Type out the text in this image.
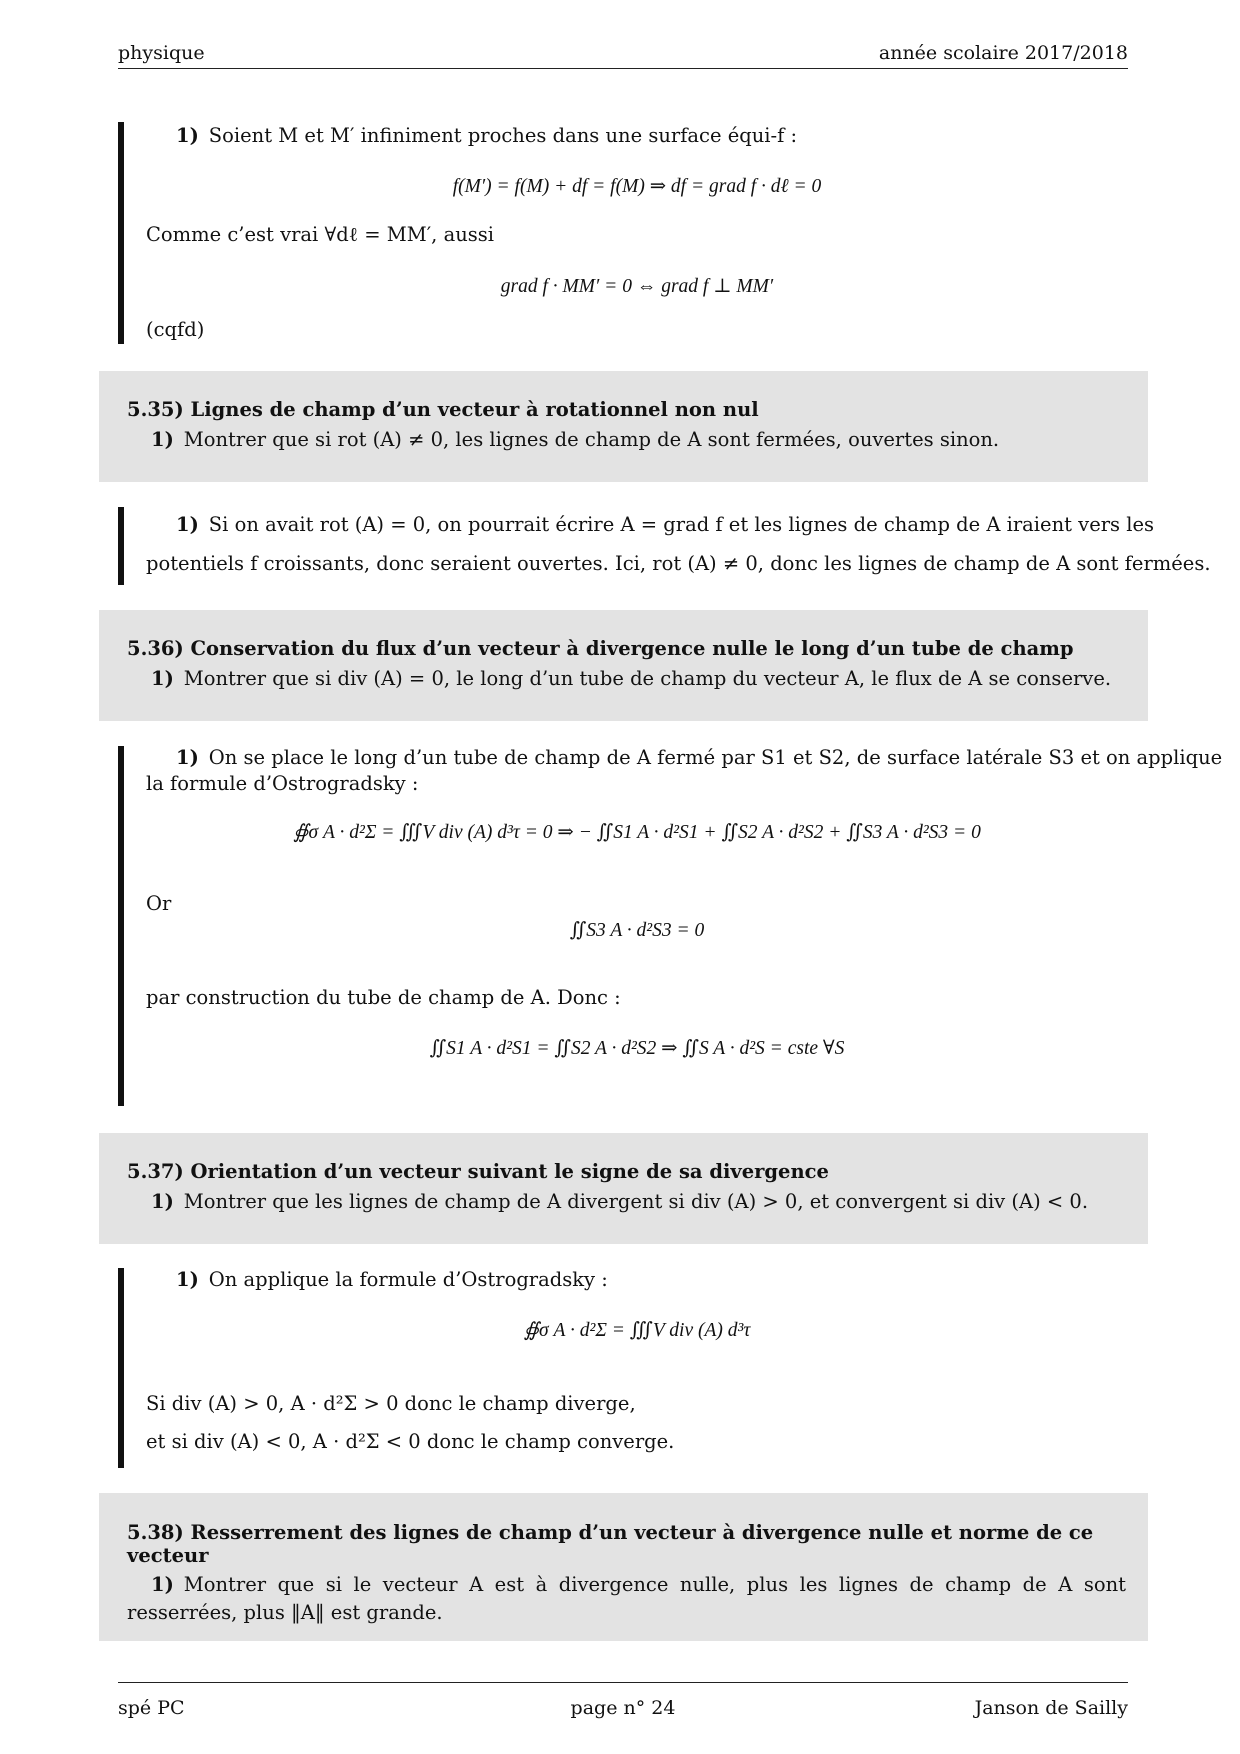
physique	année scolaire 2017/2018
1) Soient M et M′ infiniment proches dans une surface équi-f :
f(M′) = f(M) + df = f(M) ⇒ df = grad f · dℓ = 0
Comme c’est vrai ∀dℓ = MM′, aussi
grad f · MM′ = 0 ⇔ grad f ⊥ MM′
(cqfd)
5.35) Lignes de champ d’un vecteur à rotationnel non nul
1) Montrer que si rot (A) ≠ 0, les lignes de champ de A sont fermées, ouvertes sinon.
1) Si on avait rot (A) = 0, on pourrait écrire A = grad f et les lignes de champ de A iraient vers les
potentiels f croissants, donc seraient ouvertes. Ici, rot (A) ≠ 0, donc les lignes de champ de A sont fermées.
5.36) Conservation du flux d’un vecteur à divergence nulle le long d’un tube de champ
1) Montrer que si div (A) = 0, le long d’un tube de champ du vecteur A, le flux de A se conserve.
1) On se place le long d’un tube de champ de A fermé par S1 et S2, de surface latérale S3 et on applique
la formule d’Ostrogradsky :
∯σ A · d²Σ = ∭V div (A) d³τ = 0 ⇒ − ∬S1 A · d²S1 + ∬S2 A · d²S2 + ∬S3 A · d²S3 = 0
Or
∬S3 A · d²S3 = 0
par construction du tube de champ de A. Donc :
∬S1 A · d²S1 = ∬S2 A · d²S2 ⇒ ∬S A · d²S = cste ∀S
5.37) Orientation d’un vecteur suivant le signe de sa divergence
1) Montrer que les lignes de champ de A divergent si div (A) > 0, et convergent si div (A) < 0.
1) On applique la formule d’Ostrogradsky :
∯σ A · d²Σ = ∭V div (A) d³τ
Si div (A) > 0, A · d²Σ > 0 donc le champ diverge,
et si div (A) < 0, A · d²Σ < 0 donc le champ converge.
5.38) Resserrement des lignes de champ d’un vecteur à divergence nulle et norme de ce vecteur
1) Montrer que si le vecteur A est à divergence nulle, plus les lignes de champ de A sont resserrées, plus ‖A‖ est grande.
spé PC	page n° 24	Janson de Sailly
